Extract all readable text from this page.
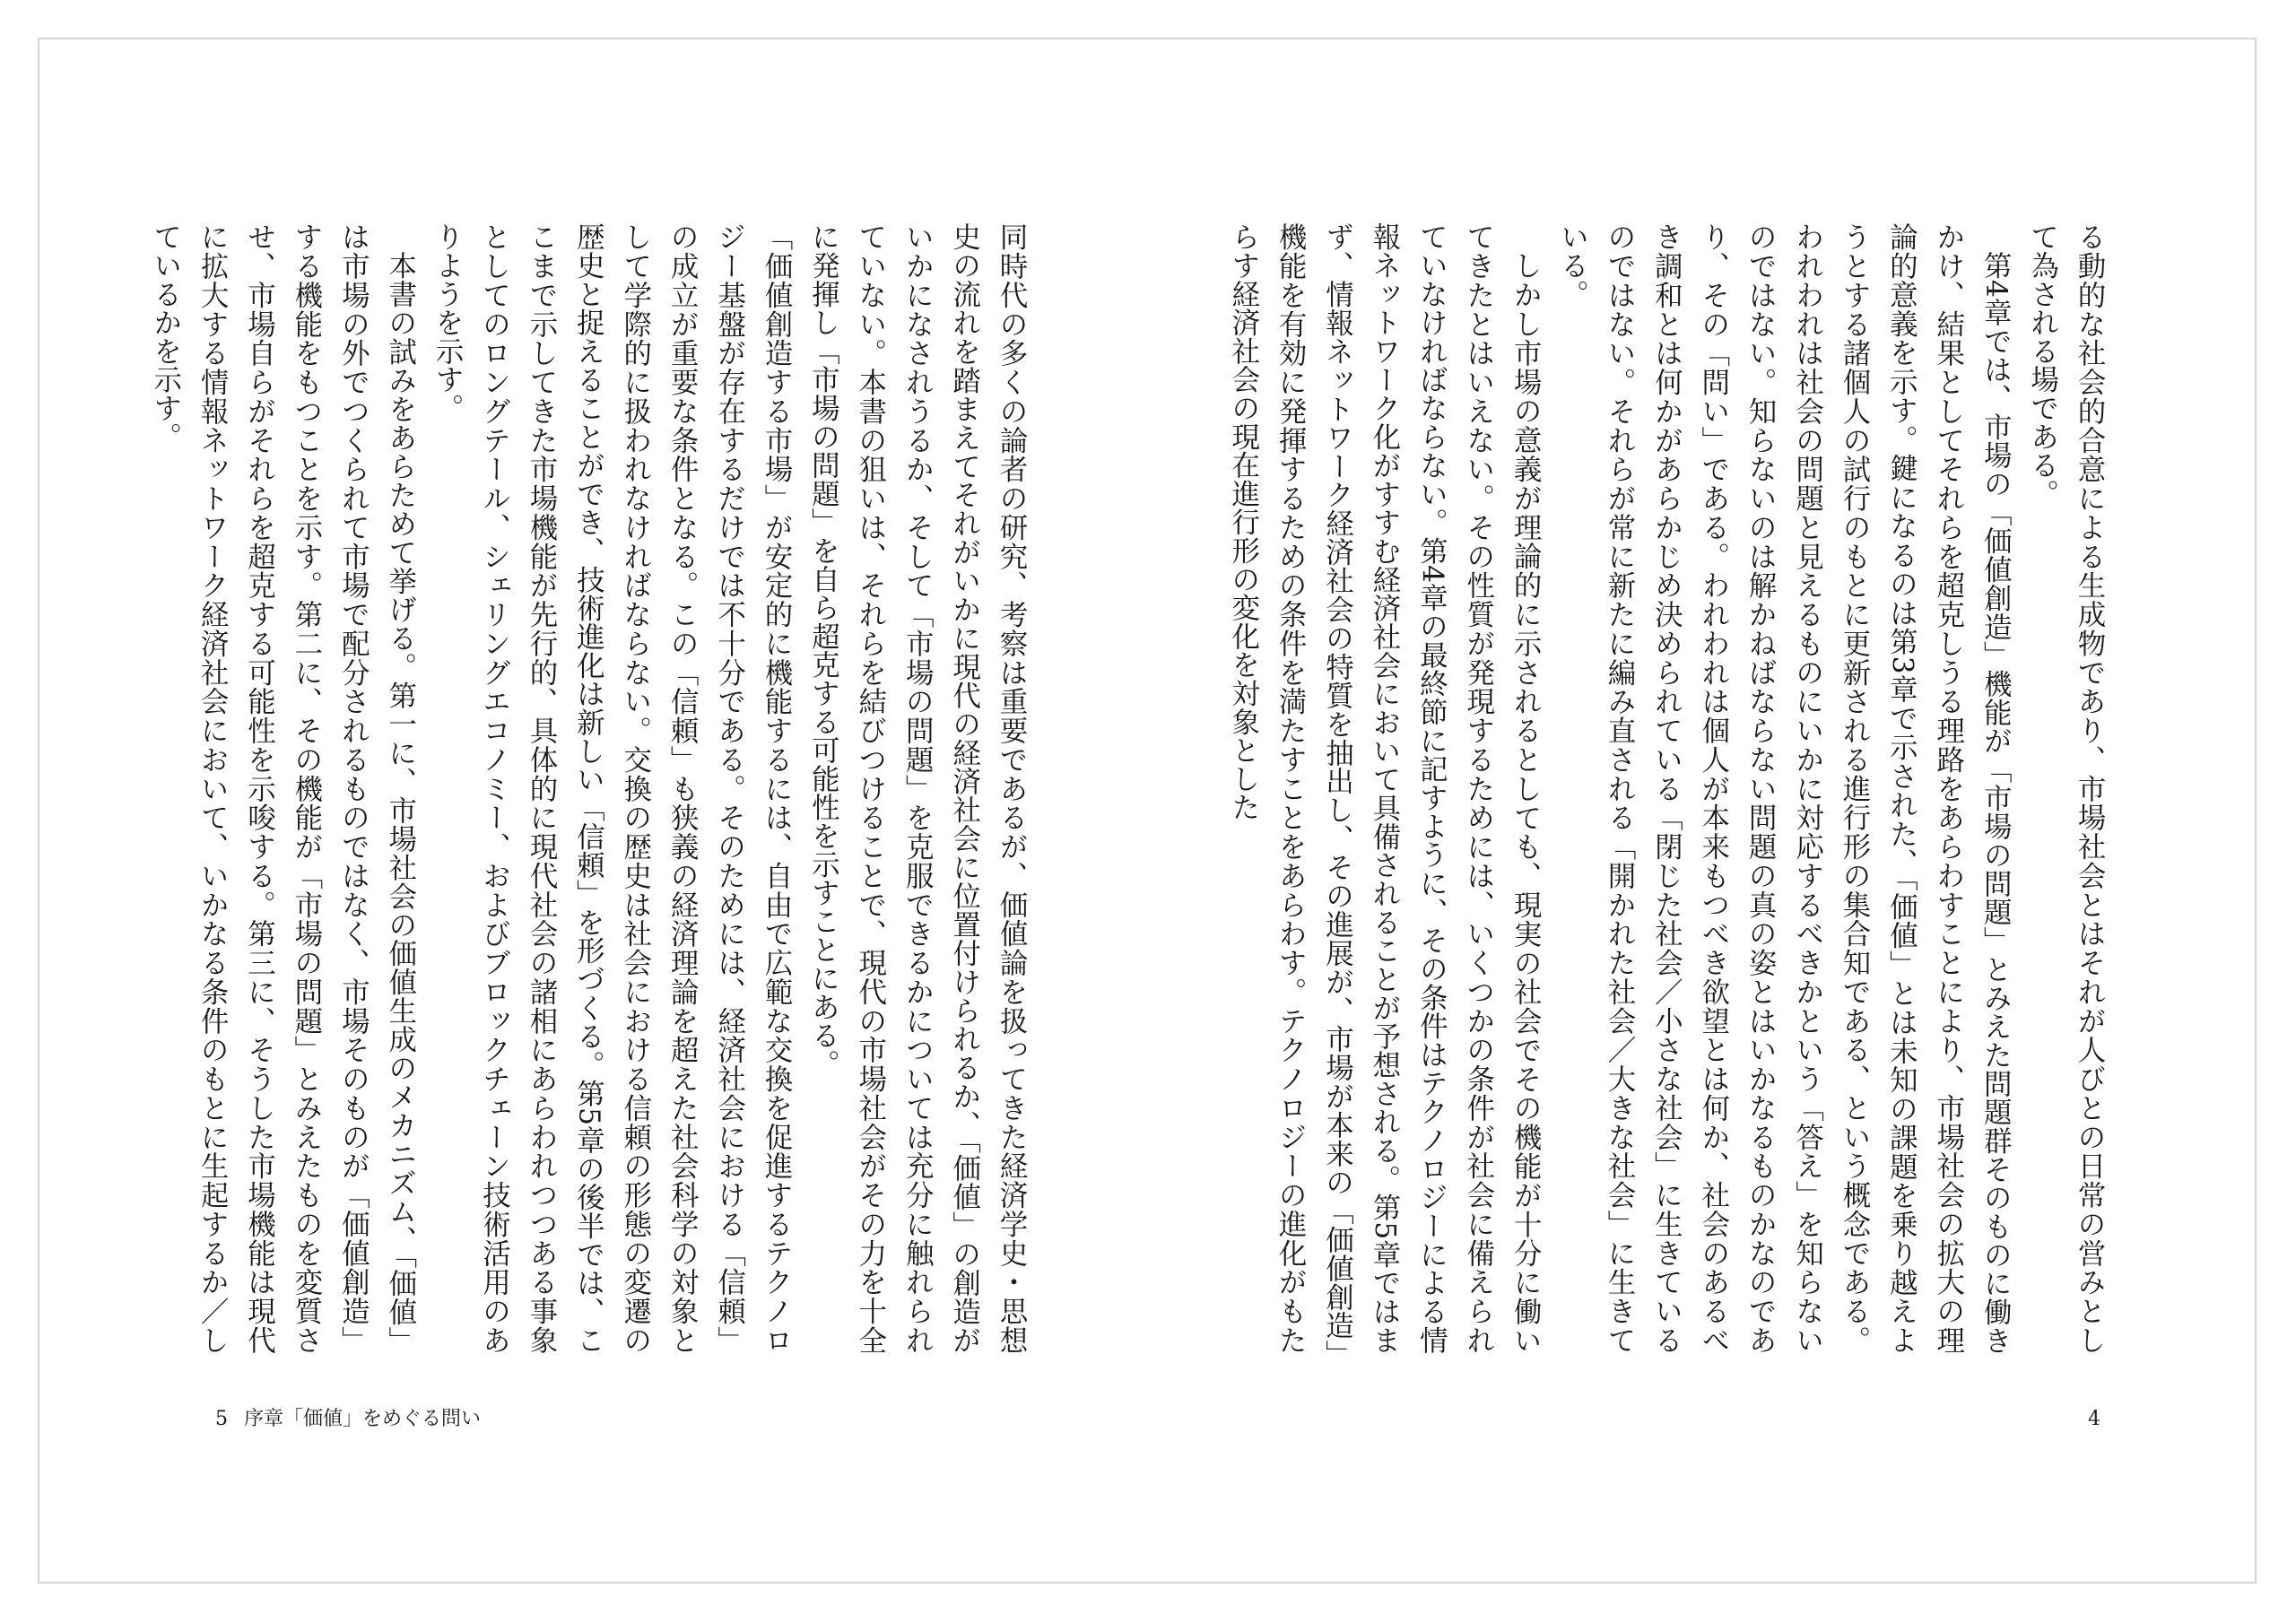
る動的な社会的合意による生成物であり、市場社会とはそれが人びとの日常の営みとして為される場である。

第4章では、市場の「価値創造」機能が「市場の問題」とみえた問題群そのものに働きかけ、結果としてそれらを超克しうる理路をあらわすことにより、市場社会の拡大の理論的意義を示す。鍵になるのは第3章で示された、「価値」とは未知の課題を乗り越えようとする諸個人の試行のもとに更新される進行形の集合知である、という概念である。われわれは社会の問題と見えるものにいかに対応するべきかという「答え」を知らないのではない。知らないのは解かねばならない問題の真の姿とはいかなるものかなのであり、その「問い」である。われわれは個人が本来もつべき欲望とは何か、社会のあるべき調和とは何かがあらかじめ決められている「閉じた社会／小さな社会」に生きているのではない。それらが常に新たに編み直される「開かれた社会／大きな社会」に生きている。

しかし市場の意義が理論的に示されるとしても、現実の社会でその機能が十分に働いてきたとはいえない。その性質が発現するためには、いくつかの条件が社会に備えられていなければならない。第4章の最終節に記すように、その条件はテクノロジーによる情報ネットワーク化がすすむ経済社会において具備されることが予想される。第5章ではまず、情報ネットワーク経済社会の特質を抽出し、その進展が、市場が本来の「価値創造」機能を有効に発揮するための条件を満たすことをあらわす。テクノロジーの進化がもたらす経済社会の現在進行形の変化を対象とした

4

同時代の多くの論者の研究、考察は重要であるが、価値論を扱ってきた経済学史・思想史の流れを踏まえてそれがいかに現代の経済社会に位置付けられるか、「価値」の創造がいかになされうるか、そして「市場の問題」を克服できるかについては充分に触れられていない。本書の狙いは、それらを結びつけることで、現代の市場社会がその力を十全に発揮し「市場の問題」を自ら超克する可能性を示すことにある。

「価値創造する市場」が安定的に機能するには、自由で広範な交換を促進するテクノロジー基盤が存在するだけでは不十分である。そのためには、経済社会における「信頼」の成立が重要な条件となる。この「信頼」も狭義の経済理論を超えた社会科学の対象として学際的に扱われなければならない。交換の歴史は社会における信頼の形態の変遷の歴史と捉えることができ、技術進化は新しい「信頼」を形づくる。第5章の後半では、ここまで示してきた市場機能が先行的、具体的に現代社会の諸相にあらわれつつある事象としてのロングテール、シェリングエコノミー、およびブロックチェーン技術活用のありようを示す。

本書の試みをあらためて挙げる。第一に、市場社会の価値生成のメカニズム、「価値」は市場の外でつくられて市場で配分されるものではなく、市場そのものが「価値創造」する機能をもつことを示す。第二に、その機能が「市場の問題」とみえたものを変質させ、市場自らがそれらを超克する可能性を示唆する。第三に、そうした市場機能は現代に拡大する情報ネットワーク経済社会において、いかなる条件のもとに生起するか／しているかを示す。

5 序章「価値」をめぐる問い
